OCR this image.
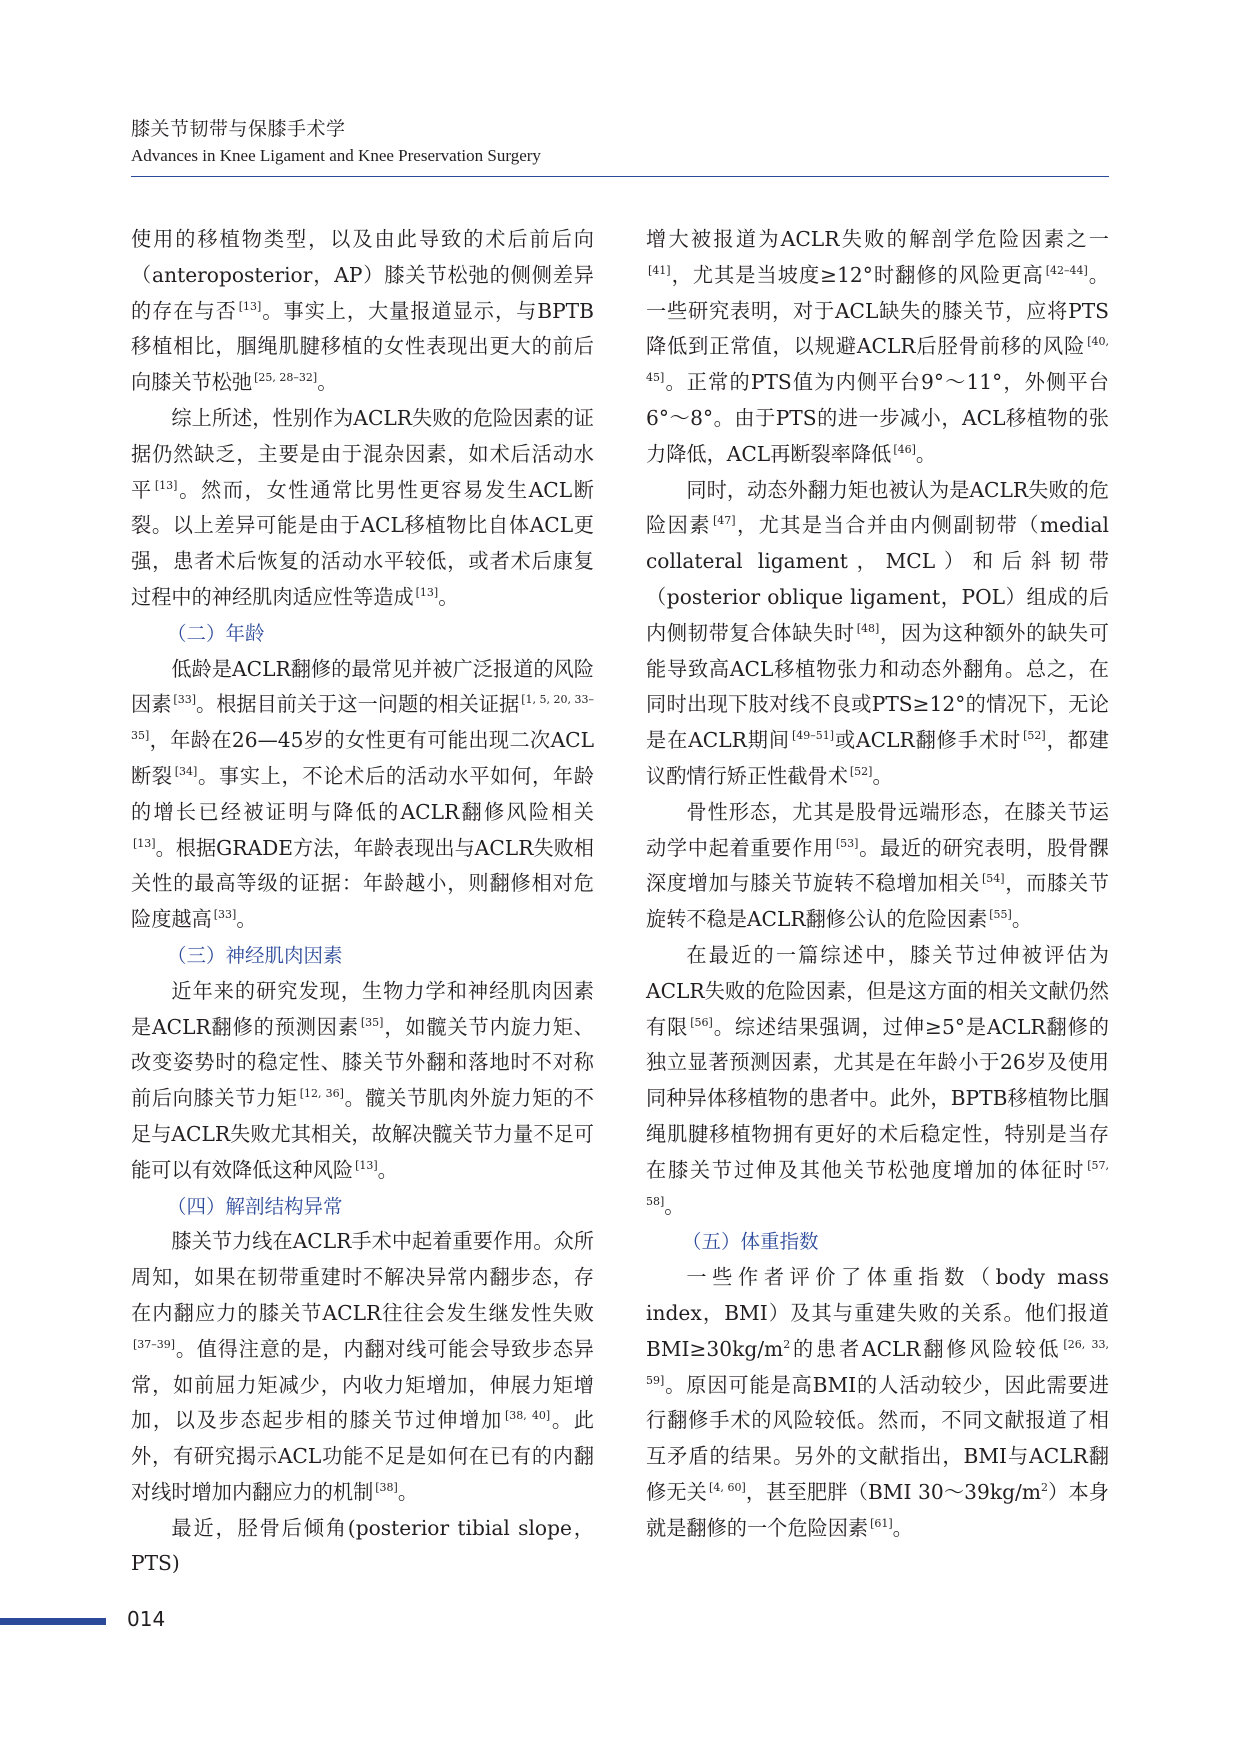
膝关节韧带与保膝手术学
Advances in Knee Ligament and Knee Preservation Surgery

使用的移植物类型，以及由此导致的术后前后向（anteroposterior，AP）膝关节松弛的侧侧差异的存在与否 [13]。事实上，大量报道显示，与BPTB移植相比，腘绳肌腱移植的女性表现出更大的前后向膝关节松弛 [25, 28–32]。

综上所述，性别作为ACLR失败的危险因素的证据仍然缺乏，主要是由于混杂因素，如术后活动水平 [13]。然而，女性通常比男性更容易发生ACL断裂。以上差异可能是由于ACL移植物比自体ACL更强，患者术后恢复的活动水平较低，或者术后康复过程中的神经肌肉适应性等造成 [13]。

（二）年龄

低龄是ACLR翻修的最常见并被广泛报道的风险因素 [33]。根据目前关于这一问题的相关证据 [1, 5, 20, 33–35]，年龄在26—45岁的女性更有可能出现二次ACL断裂 [34]。事实上，不论术后的活动水平如何，年龄的增长已经被证明与降低的ACLR翻修风险相关[13]。根据GRADE方法，年龄表现出与ACLR失败相关性的最高等级的证据：年龄越小，则翻修相对危险度越高 [33]。

（三）神经肌肉因素

近年来的研究发现，生物力学和神经肌肉因素是ACLR翻修的预测因素 [35]，如髋关节内旋力矩、改变姿势时的稳定性、膝关节外翻和落地时不对称前后向膝关节力矩 [12, 36]。髋关节肌肉外旋力矩的不足与ACLR失败尤其相关，故解决髋关节力量不足可能可以有效降低这种风险 [13]。

（四）解剖结构异常

膝关节力线在ACLR手术中起着重要作用。众所周知，如果在韧带重建时不解决异常内翻步态，存在内翻应力的膝关节ACLR往往会发生继发性失败[37–39]。值得注意的是，内翻对线可能会导致步态异常，如前屈力矩减少，内收力矩增加，伸展力矩增加，以及步态起步相的膝关节过伸增加 [38, 40]。此外，有研究揭示ACL功能不足是如何在已有的内翻对线时增加内翻应力的机制 [38]。

最近，胫骨后倾角(posterior tibial slope，PTS)

增大被报道为ACLR失败的解剖学危险因素之一[41]，尤其是当坡度≥12°时翻修的风险更高 [42–44]。一些研究表明，对于ACL缺失的膝关节，应将PTS降低到正常值，以规避ACLR后胫骨前移的风险 [40, 45]。正常的PTS值为内侧平台9°～11°，外侧平台6°～8°。由于PTS的进一步减小，ACL移植物的张力降低，ACL再断裂率降低 [46]。

同时，动态外翻力矩也被认为是ACLR失败的危险因素 [47]，尤其是当合并由内侧副韧带（medial collateral ligament，MCL）和后斜韧带（posterior oblique ligament，POL）组成的后内侧韧带复合体缺失时 [48]，因为这种额外的缺失可能导致高ACL移植物张力和动态外翻角。总之，在同时出现下肢对线不良或PTS≥12°的情况下，无论是在ACLR期间 [49–51]或ACLR翻修手术时 [52]，都建议酌情行矫正性截骨术 [52]。

骨性形态，尤其是股骨远端形态，在膝关节运动学中起着重要作用 [53]。最近的研究表明，股骨髁深度增加与膝关节旋转不稳增加相关 [54]，而膝关节旋转不稳是ACLR翻修公认的危险因素 [55]。

在最近的一篇综述中，膝关节过伸被评估为ACLR失败的危险因素，但是这方面的相关文献仍然有限 [56]。综述结果强调，过伸≥5°是ACLR翻修的独立显著预测因素，尤其是在年龄小于26岁及使用同种异体移植物的患者中。此外，BPTB移植物比腘绳肌腱移植物拥有更好的术后稳定性，特别是当存在膝关节过伸及其他关节松弛度增加的体征时 [57, 58]。

（五）体重指数

一些作者评价了体重指数（body mass index，BMI）及其与重建失败的关系。他们报道$BMI\ge 30kg/m^2$的患者ACLR翻修风险较低 [26, 33, 59]。原因可能是高BMI的人活动较少，因此需要进行翻修手术的风险较低。然而，不同文献报道了相互矛盾的结果。另外的文献指出，BMI与ACLR翻修无关 [4, 60]，甚至肥胖（BMI $30\sim 39kg/m^2$）本身就是翻修的一个危险因素 [61]。

014
